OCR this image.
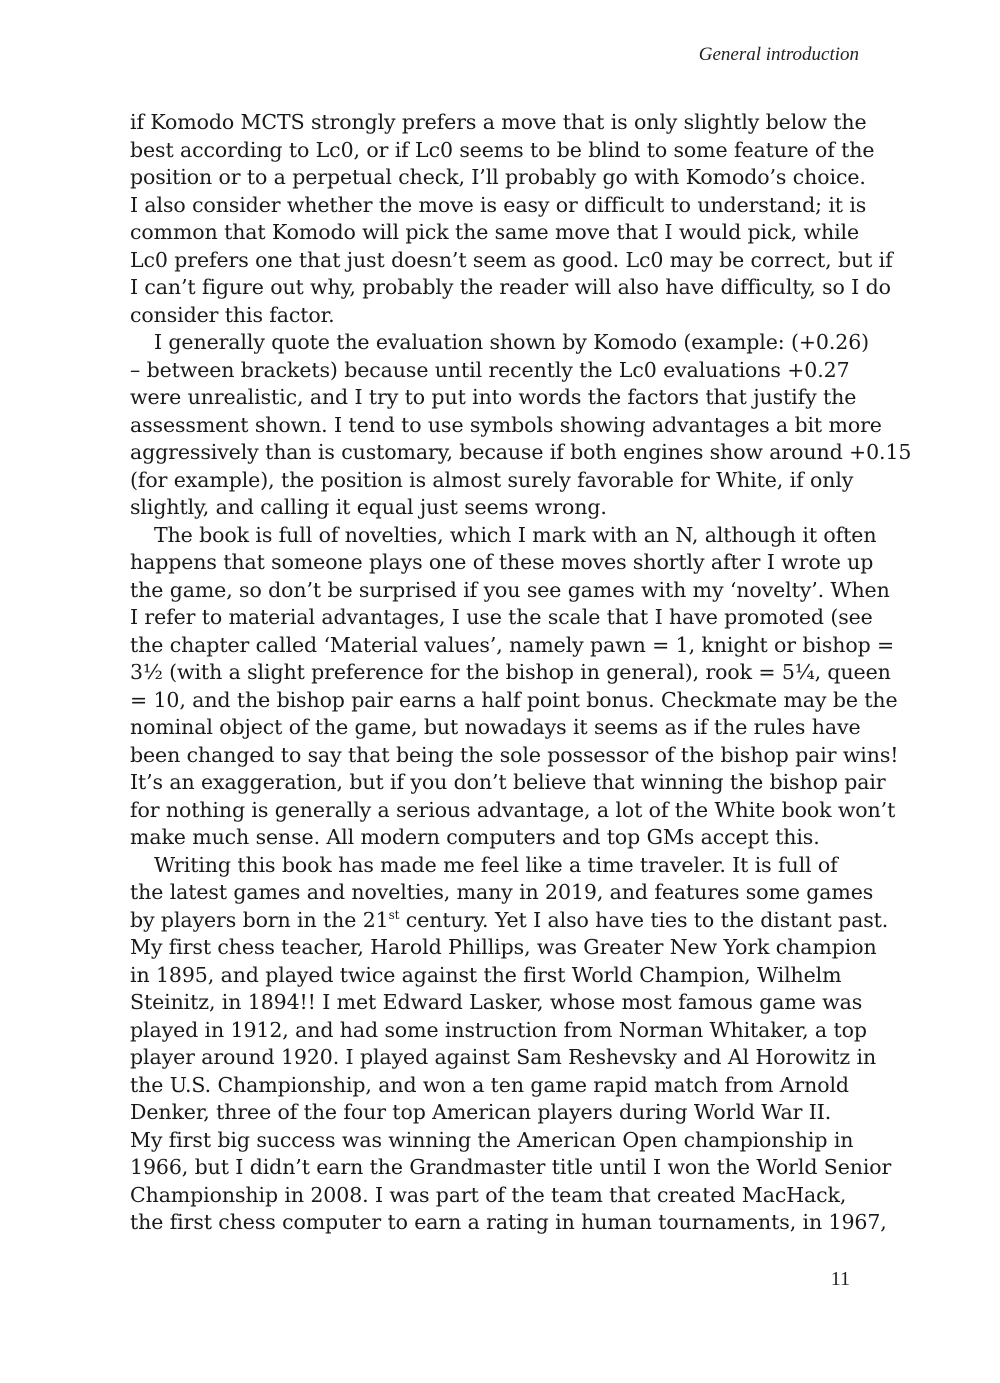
General introduction
if Komodo MCTS strongly prefers a move that is only slightly below the
best according to Lc0, or if Lc0 seems to be blind to some feature of the
position or to a perpetual check, I’ll probably go with Komodo’s choice.
I also consider whether the move is easy or difficult to understand; it is
common that Komodo will pick the same move that I would pick, while
Lc0 prefers one that just doesn’t seem as good. Lc0 may be correct, but if
I can’t figure out why, probably the reader will also have difficulty, so I do
consider this factor.
I generally quote the evaluation shown by Komodo (example: (+0.26)
– between brackets) because until recently the Lc0 evaluations +0.27
were unrealistic, and I try to put into words the factors that justify the
assessment shown. I tend to use symbols showing advantages a bit more
aggressively than is customary, because if both engines show around +0.15
(for example), the position is almost surely favorable for White, if only
slightly, and calling it equal just seems wrong.
The book is full of novelties, which I mark with an N, although it often
happens that someone plays one of these moves shortly after I wrote up
the game, so don’t be surprised if you see games with my ‘novelty’. When
I refer to material advantages, I use the scale that I have promoted (see
the chapter called ‘Material values’, namely pawn = 1, knight or bishop =
3½ (with a slight preference for the bishop in general), rook = 5¼, queen
= 10, and the bishop pair earns a half point bonus. Checkmate may be the
nominal object of the game, but nowadays it seems as if the rules have
been changed to say that being the sole possessor of the bishop pair wins!
It’s an exaggeration, but if you don’t believe that winning the bishop pair
for nothing is generally a serious advantage, a lot of the White book won’t
make much sense. All modern computers and top GMs accept this.
Writing this book has made me feel like a time traveler. It is full of
the latest games and novelties, many in 2019, and features some games
by players born in the 21st century. Yet I also have ties to the distant past.
My first chess teacher, Harold Phillips, was Greater New York champion
in 1895, and played twice against the first World Champion, Wilhelm
Steinitz, in 1894!! I met Edward Lasker, whose most famous game was
played in 1912, and had some instruction from Norman Whitaker, a top
player around 1920. I played against Sam Reshevsky and Al Horowitz in
the U.S. Championship, and won a ten game rapid match from Arnold
Denker, three of the four top American players during World War II.
My first big success was winning the American Open championship in
1966, but I didn’t earn the Grandmaster title until I won the World Senior
Championship in 2008. I was part of the team that created MacHack,
the first chess computer to earn a rating in human tournaments, in 1967,
11
